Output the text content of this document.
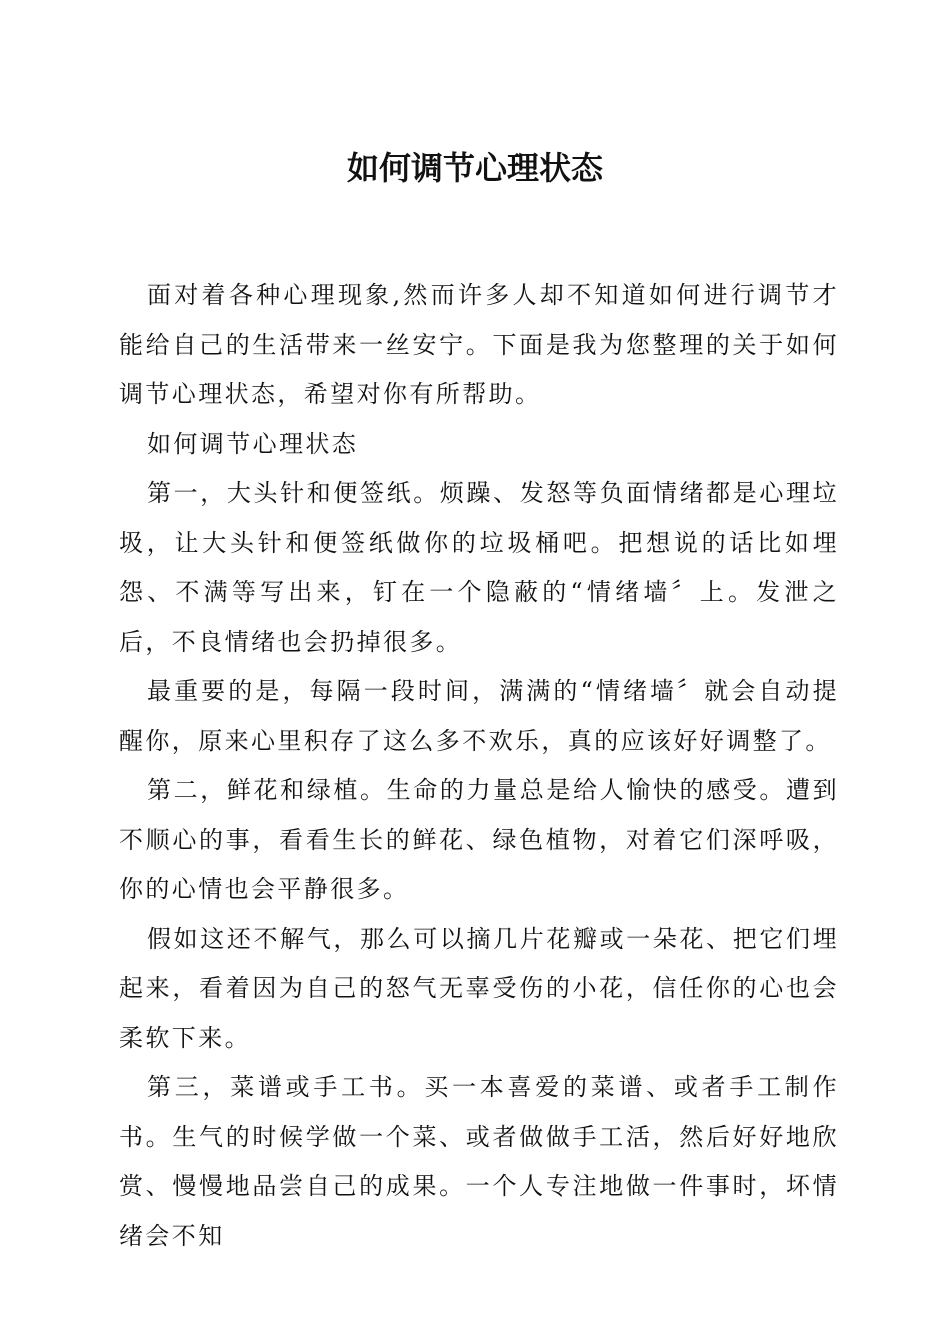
如何调节心理状态

面对着各种心理现象,然而许多人却不知道如何进行调节才能给自己的生活带来一丝安宁。下面是我为您整理的关于如何调节心理状态，希望对你有所帮助。

如何调节心理状态

第一，大头针和便签纸。烦躁、发怒等负面情绪都是心理垃圾，让大头针和便签纸做你的垃圾桶吧。把想说的话比如埋怨、不满等写出来，钉在一个隐蔽的“情绪墙〞上。发泄之后，不良情绪也会扔掉很多。

最重要的是，每隔一段时间，满满的“情绪墙〞就会自动提醒你，原来心里积存了这么多不欢乐，真的应该好好调整了。

第二，鲜花和绿植。生命的力量总是给人愉快的感受。遭到不顺心的事，看看生长的鲜花、绿色植物，对着它们深呼吸，你的心情也会平静很多。

假如这还不解气，那么可以摘几片花瓣或一朵花、把它们埋起来，看着因为自己的怒气无辜受伤的小花，信任你的心也会柔软下来。

第三，菜谱或手工书。买一本喜爱的菜谱、或者手工制作书。生气的时候学做一个菜、或者做做手工活，然后好好地欣赏、慢慢地品尝自己的成果。一个人专注地做一件事时，坏情绪会不知
